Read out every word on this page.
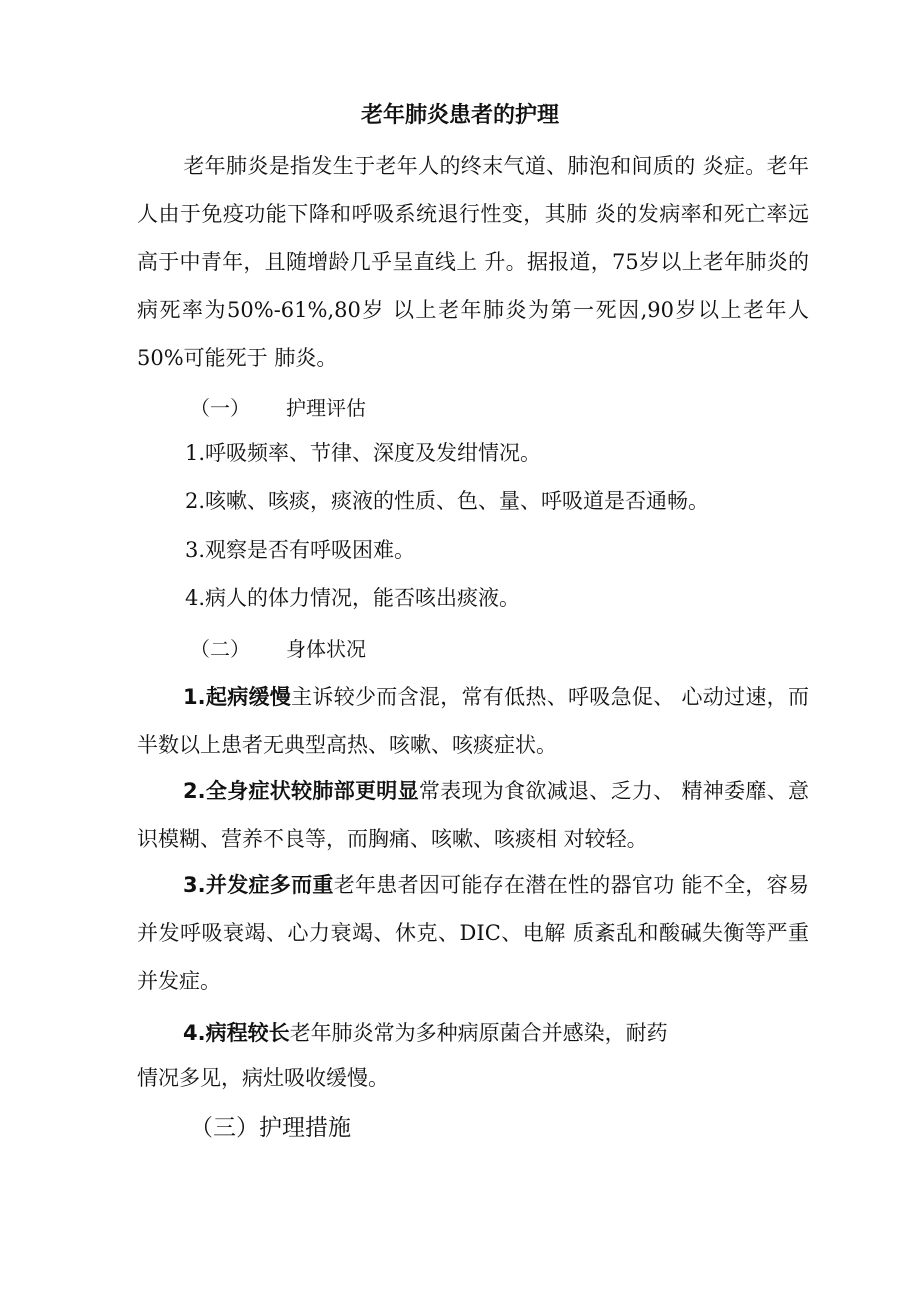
老年肺炎患者的护理
老年肺炎是指发生于老年人的终末气道、肺泡和间质的 炎症。老年人由于免疫功能下降和呼吸系统退行性变，其肺 炎的发病率和死亡率远高于中青年，且随增龄几乎呈直线上 升。据报道，75岁以上老年肺炎的病死率为50%-61%,80岁 以上老年肺炎为第一死因,90岁以上老年人50%可能死于 肺炎。
（一） 护理评估
1.呼吸频率、节律、深度及发绀情况。
2.咳嗽、咳痰，痰液的性质、色、量、呼吸道是否通畅。
3.观察是否有呼吸困难。
4.病人的体力情况，能否咳出痰液。
（二） 身体状况
1.起病缓慢主诉较少而含混，常有低热、呼吸急促、 心动过速，而半数以上患者无典型高热、咳嗽、咳痰症状。
2.全身症状较肺部更明显常表现为食欲减退、乏力、 精神委靡、意识模糊、营养不良等，而胸痛、咳嗽、咳痰相 对较轻。
3.并发症多而重老年患者因可能存在潜在性的器官功 能不全，容易并发呼吸衰竭、心力衰竭、休克、DIC、电解 质紊乱和酸碱失衡等严重并发症。
4.病程较长老年肺炎常为多种病原菌合并感染，耐药
情况多见，病灶吸收缓慢。
（三）护理措施
